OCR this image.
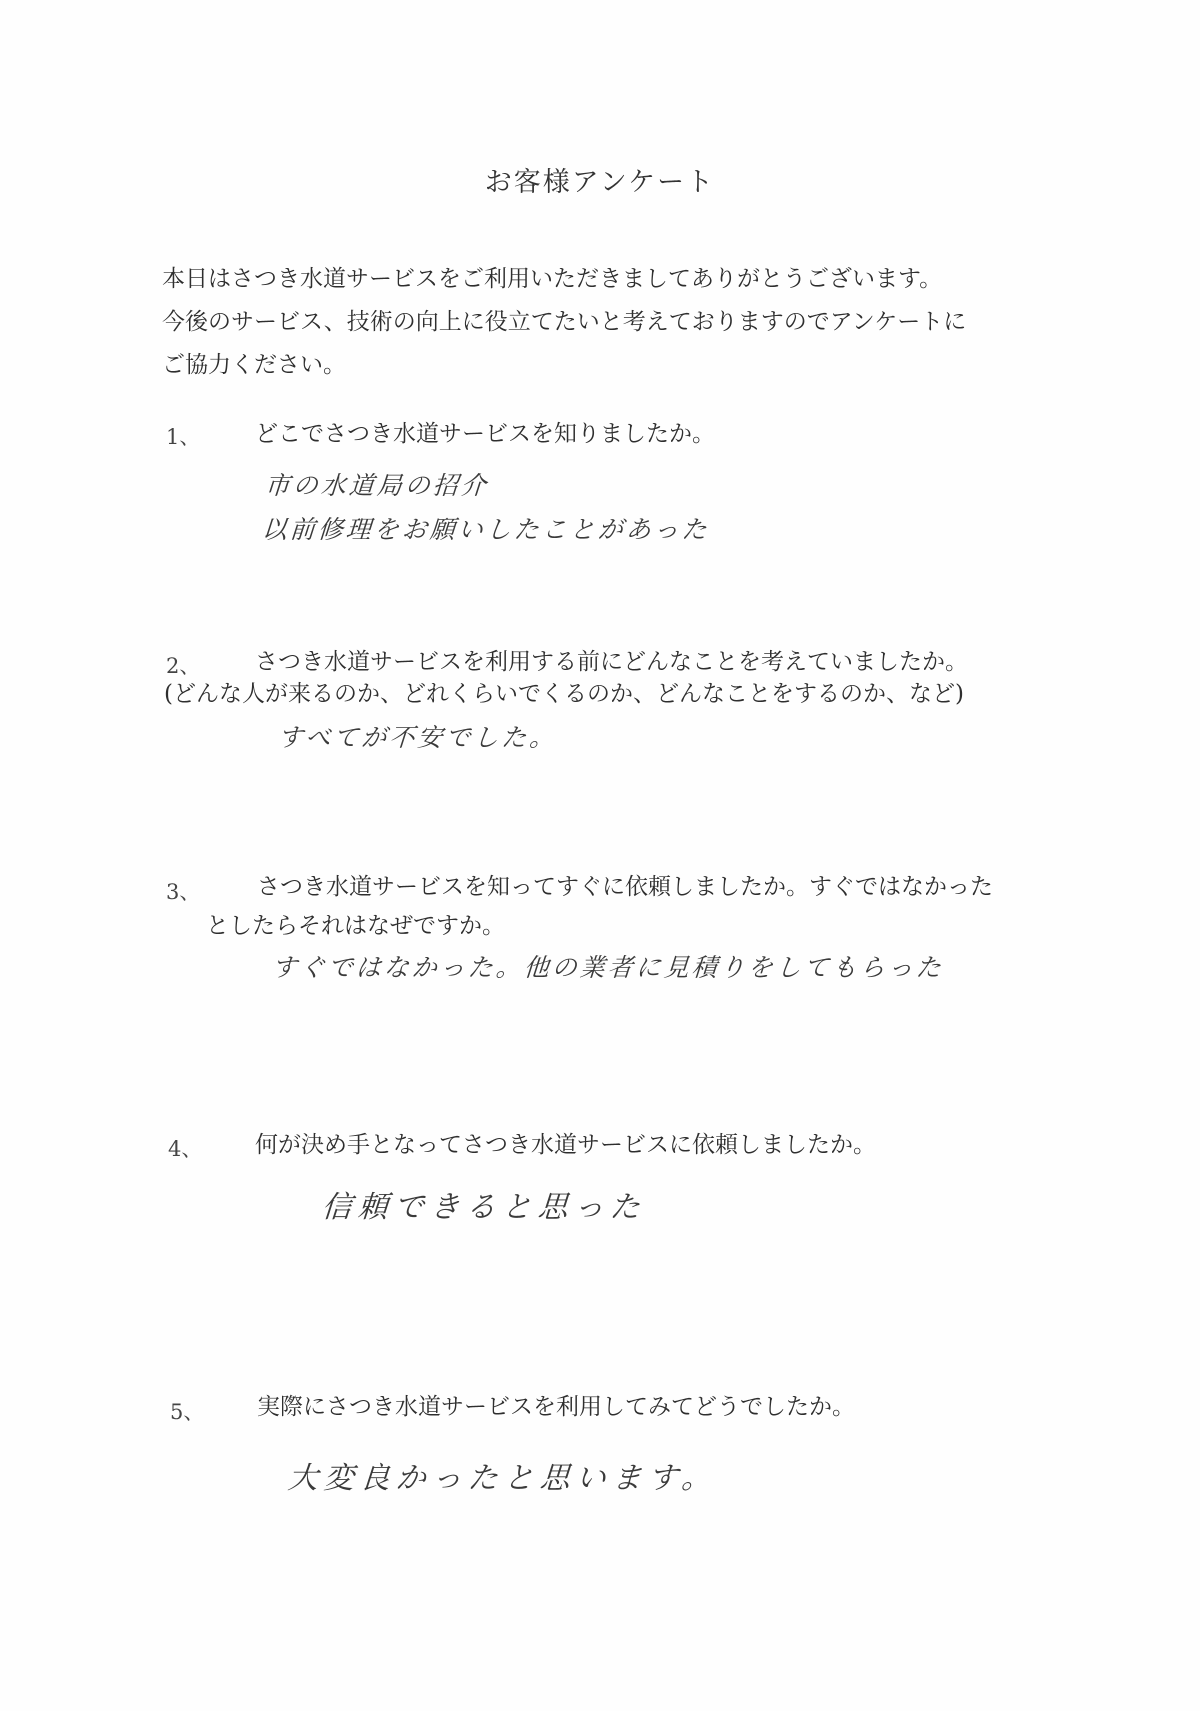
お客様アンケート
本日はさつき水道サービスをご利用いただきましてありがとうございます。
今後のサービス、技術の向上に役立てたいと考えておりますのでアンケートに
ご協力ください。
1、 どこでさつき水道サービスを知りましたか。
市の水道局の招介
以前修理をお願いしたことがあった
2、 さつき水道サービスを利用する前にどんなことを考えていましたか。
(どんな人が来るのか、どれくらいでくるのか、どんなことをするのか、など)
すべてが不安でした。
3、 さつき水道サービスを知ってすぐに依頼しましたか。すぐではなかった
としたらそれはなぜですか。
すぐではなかった。他の業者に見積りをしてもらった
4、 何が決め手となってさつき水道サービスに依頼しましたか。
信頼できると思った
5、 実際にさつき水道サービスを利用してみてどうでしたか。
大変良かったと思います。
